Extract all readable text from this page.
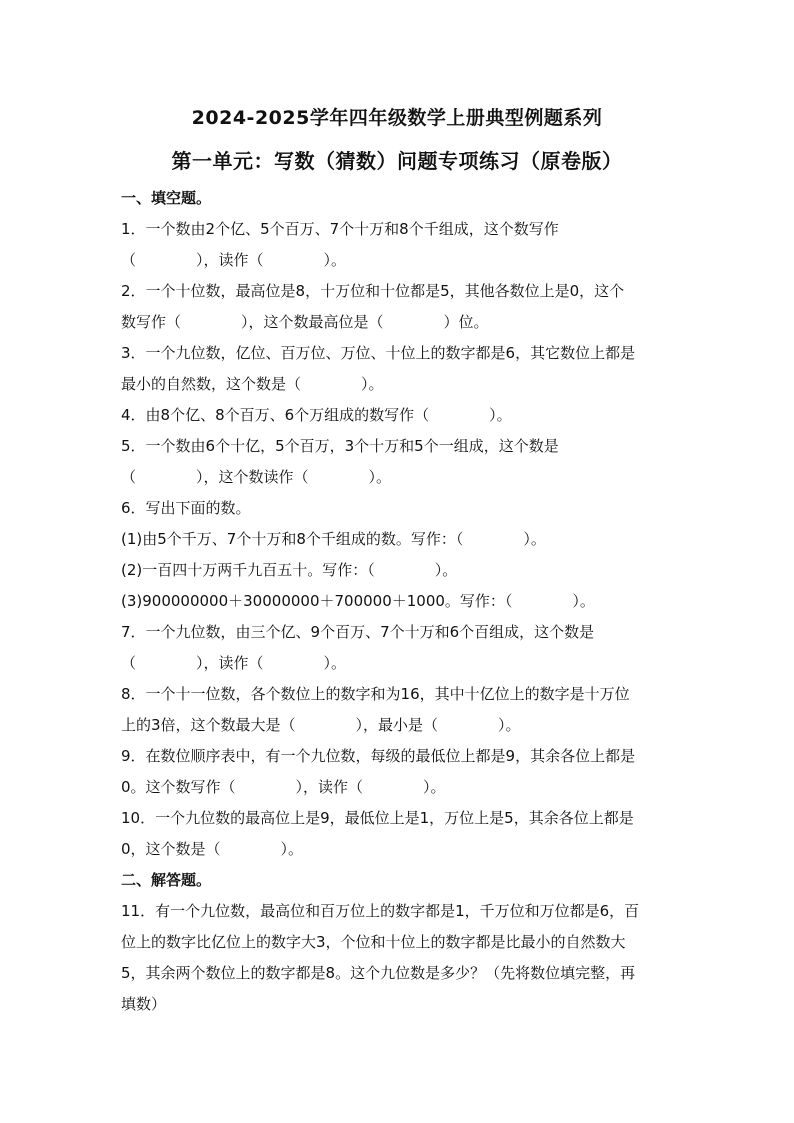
2024-2025学年四年级数学上册典型例题系列
第一单元：写数（猜数）问题专项练习（原卷版）
一、填空题。
1．一个数由2个亿、5个百万、7个十万和8个千组成，这个数写作
（　　　　），读作（　　　　）。
2．一个十位数，最高位是8，十万位和十位都是5，其他各数位上是0，这个
数写作（　　　　），这个数最高位是（　　　　）位。
3．一个九位数，亿位、百万位、万位、十位上的数字都是6，其它数位上都是
最小的自然数，这个数是（　　　　）。
4．由8个亿、8个百万、6个万组成的数写作（　　　　）。
5．一个数由6个十亿，5个百万，3个十万和5个一组成，这个数是
（　　　　），这个数读作（　　　　）。
6．写出下面的数。
(1)由5个千万、7个十万和8个千组成的数。写作：（　　　　）。
(2)一百四十万两千九百五十。写作：（　　　　）。
(3)900000000＋30000000＋700000＋1000。写作：（　　　　）。
7．一个九位数，由三个亿、9个百万、7个十万和6个百组成，这个数是
（　　　　），读作（　　　　）。
8．一个十一位数，各个数位上的数字和为16，其中十亿位上的数字是十万位
上的3倍，这个数最大是（　　　　），最小是（　　　　）。
9．在数位顺序表中，有一个九位数，每级的最低位上都是9，其余各位上都是
0。这个数写作（　　　　），读作（　　　　）。
10．一个九位数的最高位上是9，最低位上是1，万位上是5，其余各位上都是
0，这个数是（　　　　）。
二、解答题。
11．有一个九位数，最高位和百万位上的数字都是1，千万位和万位都是6，百
位上的数字比亿位上的数字大3，个位和十位上的数字都是比最小的自然数大
5，其余两个数位上的数字都是8。这个九位数是多少？（先将数位填完整，再
填数）
